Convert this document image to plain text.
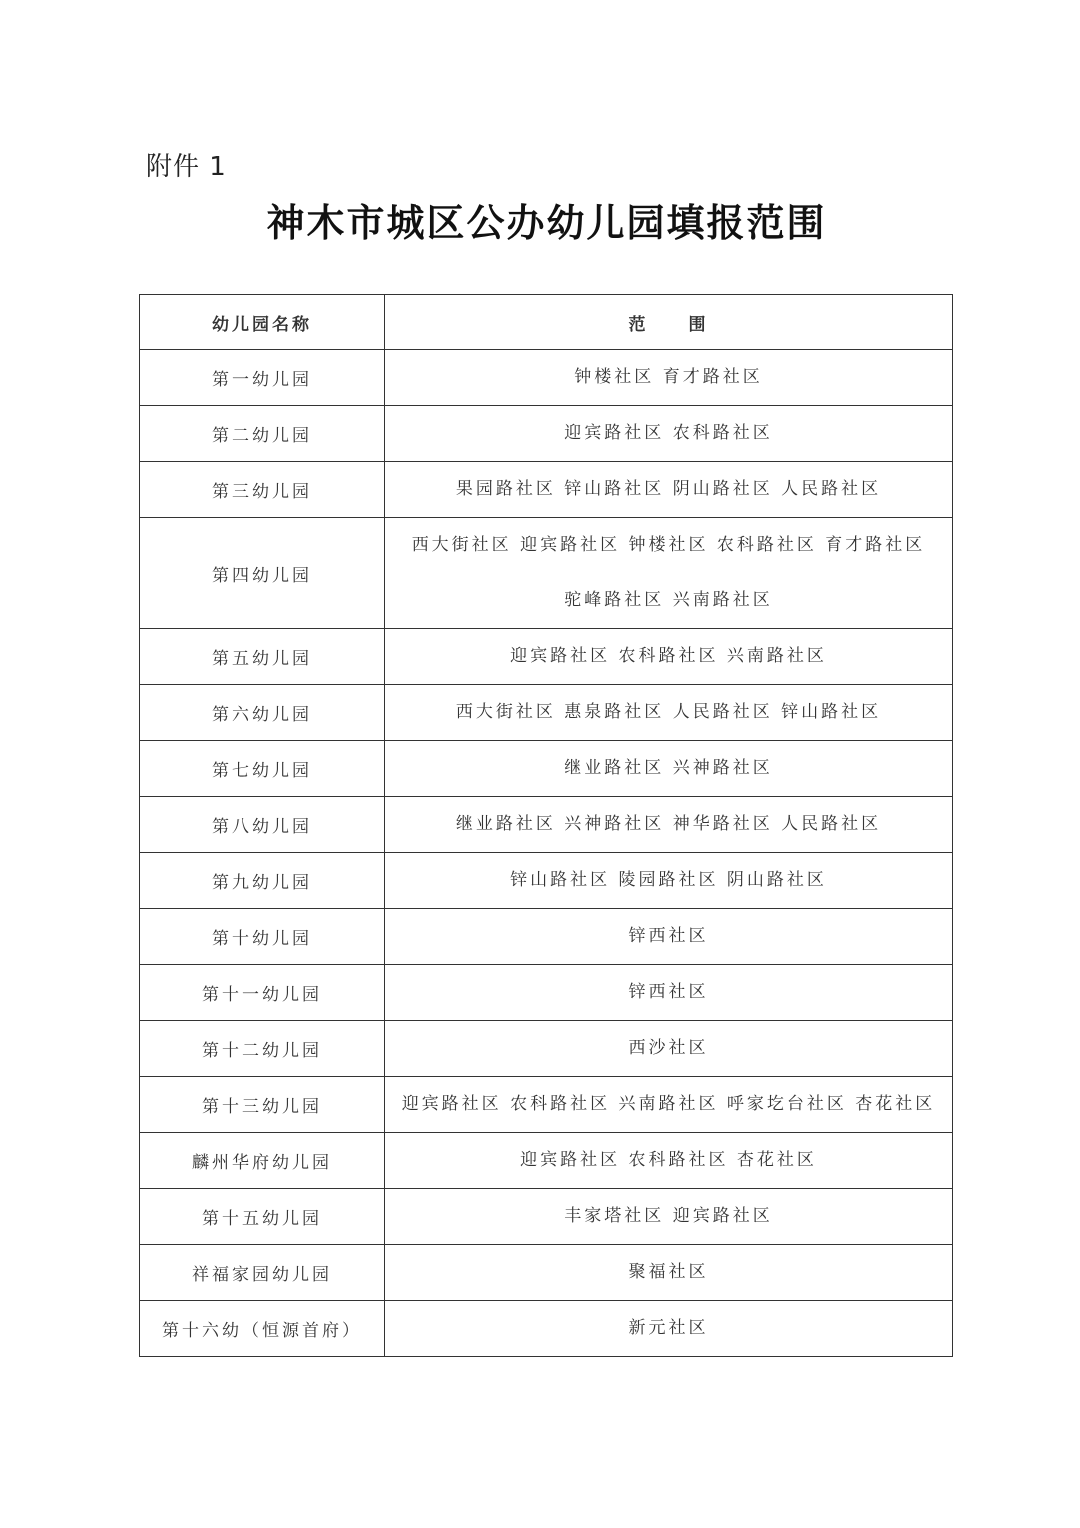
附件 1
神木市城区公办幼儿园填报范围
幼儿园名称	范　　围
第一幼儿园	钟楼社区 育才路社区

第二幼儿园	迎宾路社区 农科路社区

第三幼儿园	果园路社区 锌山路社区 阴山路社区 人民路社区

第四幼儿园	西大街社区 迎宾路社区 钟楼社区 农科路社区 育才路社区
驼峰路社区 兴南路社区

第五幼儿园	迎宾路社区 农科路社区 兴南路社区

第六幼儿园	西大街社区 惠泉路社区 人民路社区 锌山路社区

第七幼儿园	继业路社区 兴神路社区

第八幼儿园	继业路社区 兴神路社区 神华路社区 人民路社区

第九幼儿园	锌山路社区 陵园路社区 阴山路社区

第十幼儿园	锌西社区

第十一幼儿园	锌西社区

第十二幼儿园	西沙社区

第十三幼儿园	迎宾路社区 农科路社区 兴南路社区 呼家圪台社区 杏花社区

麟州华府幼儿园	迎宾路社区 农科路社区 杏花社区

第十五幼儿园	丰家塔社区 迎宾路社区

祥福家园幼儿园	聚福社区

第十六幼（恒源首府）	新元社区
